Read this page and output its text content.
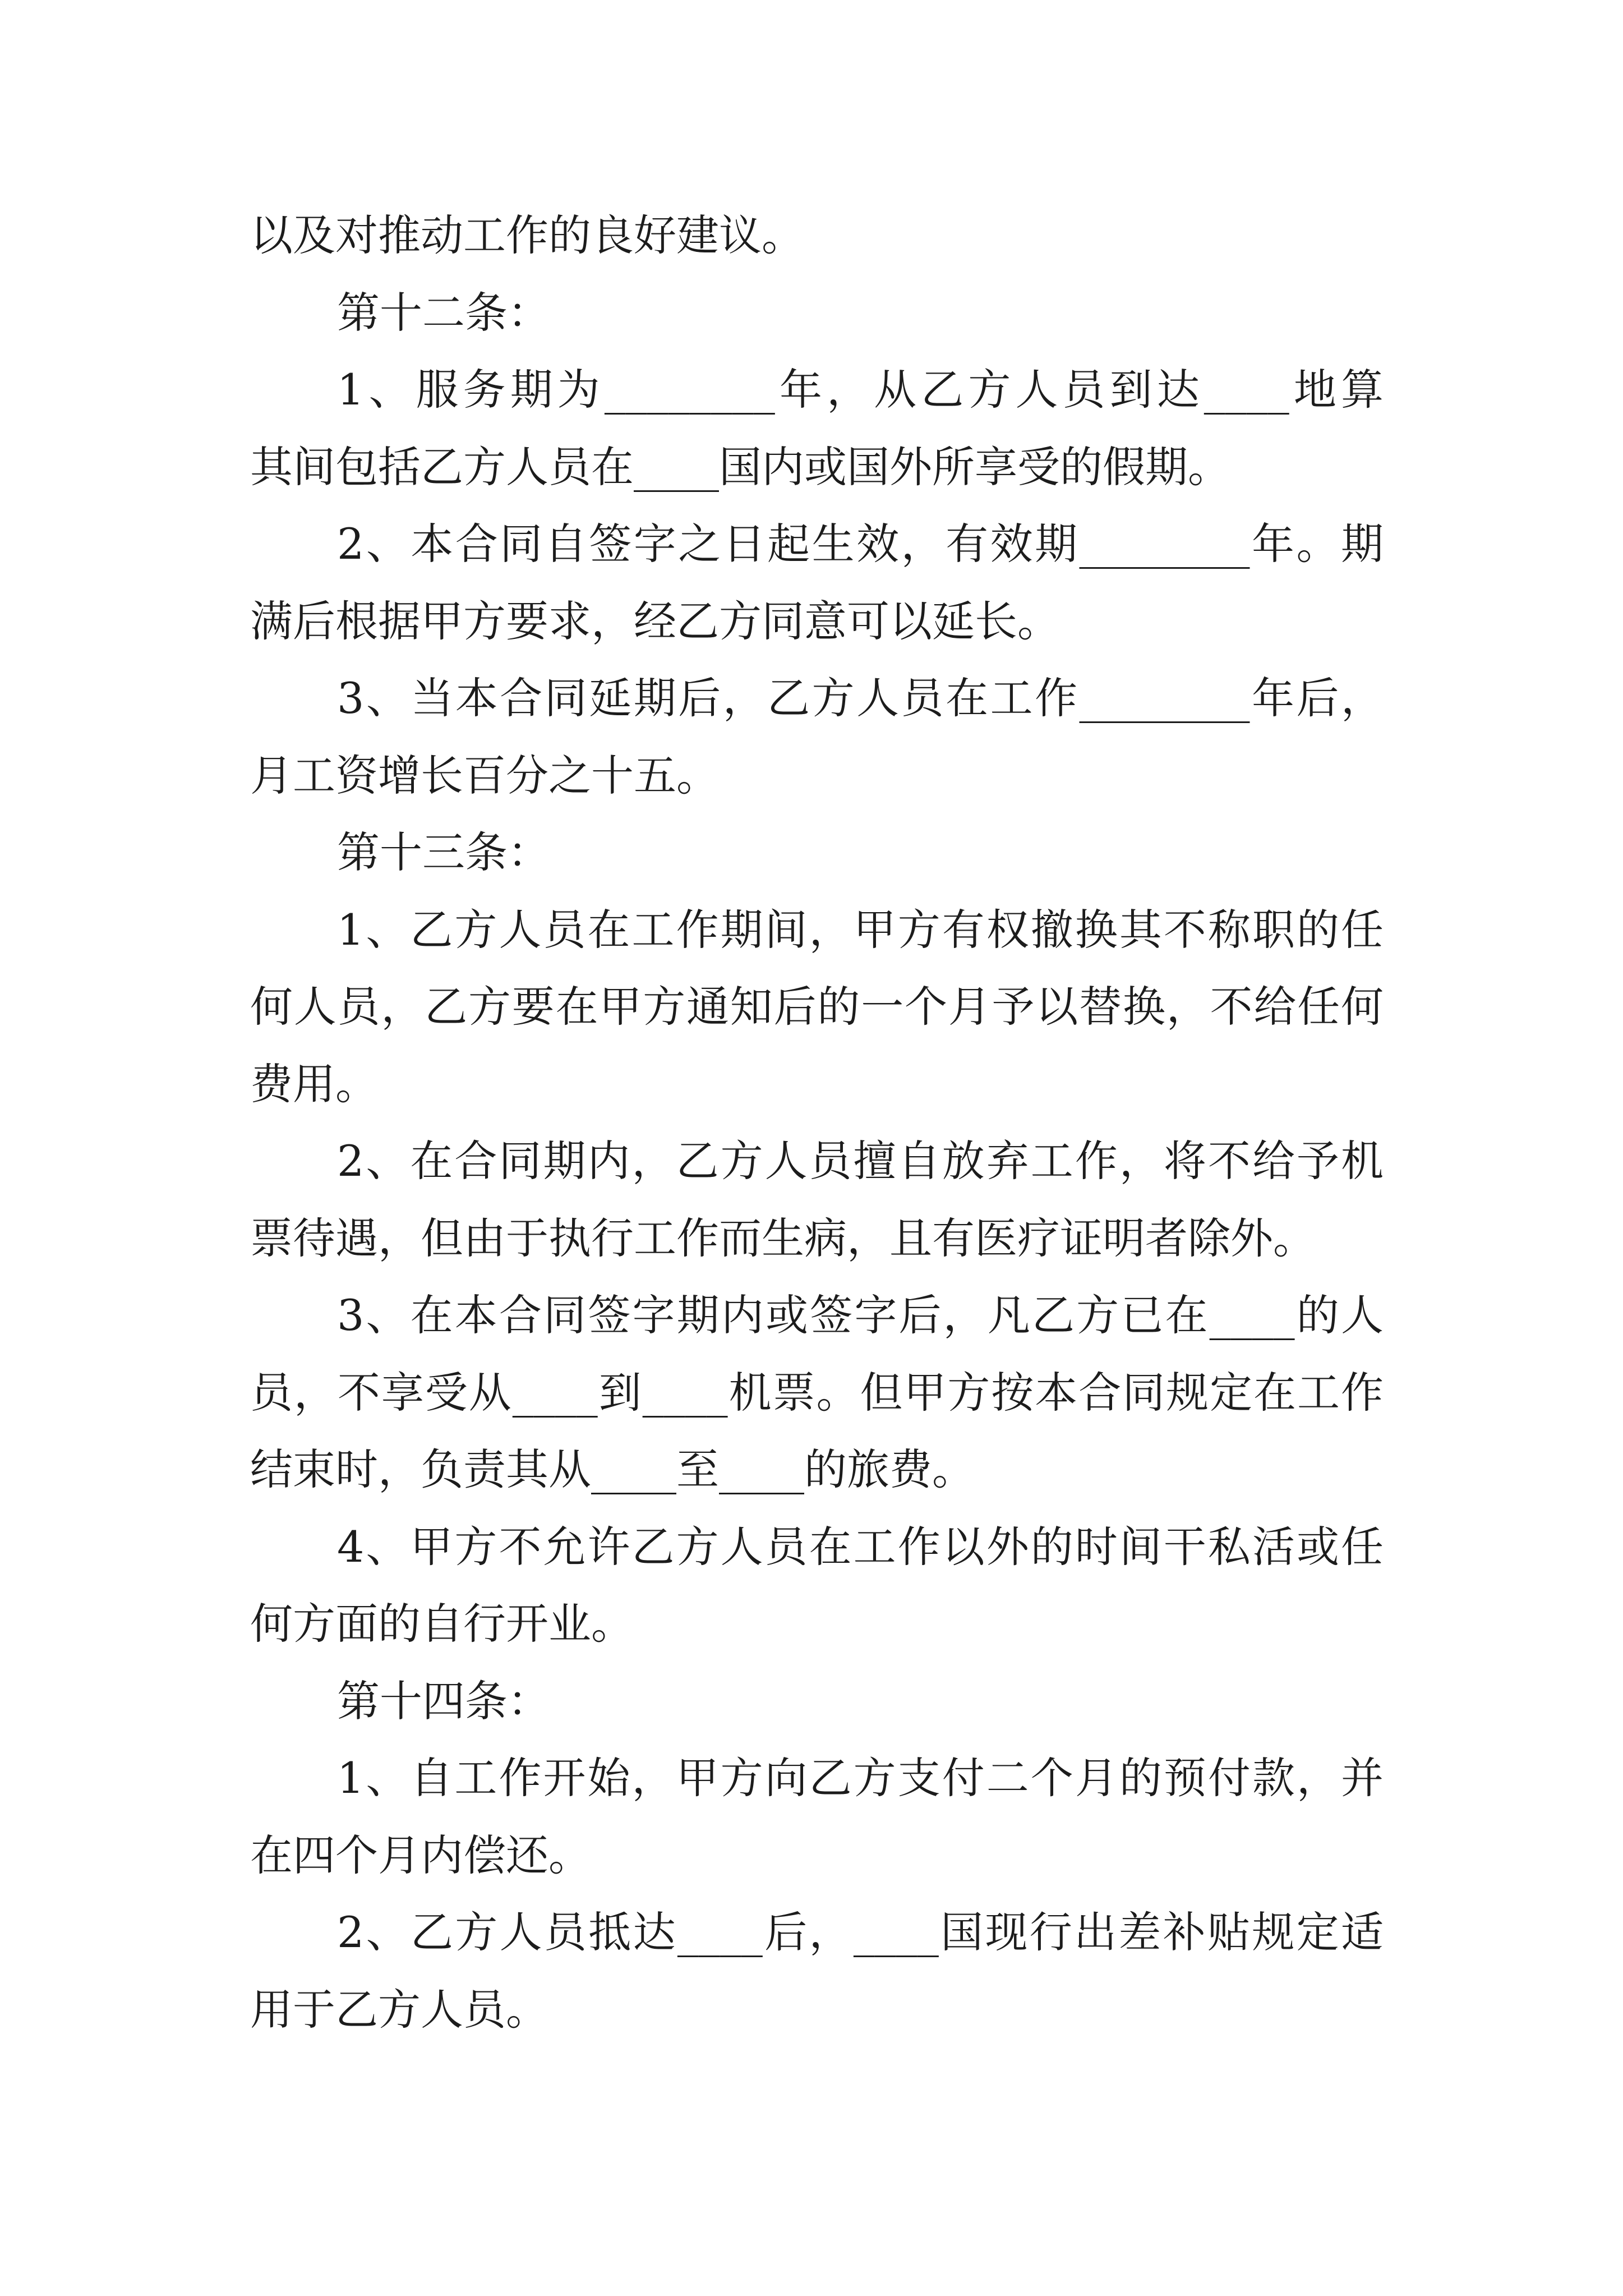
以及对推动工作的良好建议。
第十二条：
1、服务期为________年，从乙方人员到达____地算
其间包括乙方人员在____国内或国外所享受的假期。
2、本合同自签字之日起生效，有效期________年。期
满后根据甲方要求，经乙方同意可以延长。
3、当本合同延期后，乙方人员在工作________年后，
月工资增长百分之十五。
第十三条：
1、乙方人员在工作期间，甲方有权撤换其不称职的任
何人员，乙方要在甲方通知后的一个月予以替换，不给任何
费用。
2、在合同期内，乙方人员擅自放弃工作，将不给予机
票待遇，但由于执行工作而生病，且有医疗证明者除外。
3、在本合同签字期内或签字后，凡乙方已在____的人
员，不享受从____到____机票。但甲方按本合同规定在工作
结束时，负责其从____至____的旅费。
4、甲方不允许乙方人员在工作以外的时间干私活或任
何方面的自行开业。
第十四条：
1、自工作开始，甲方向乙方支付二个月的预付款，并
在四个月内偿还。
2、乙方人员抵达____后，____国现行出差补贴规定适
用于乙方人员。
